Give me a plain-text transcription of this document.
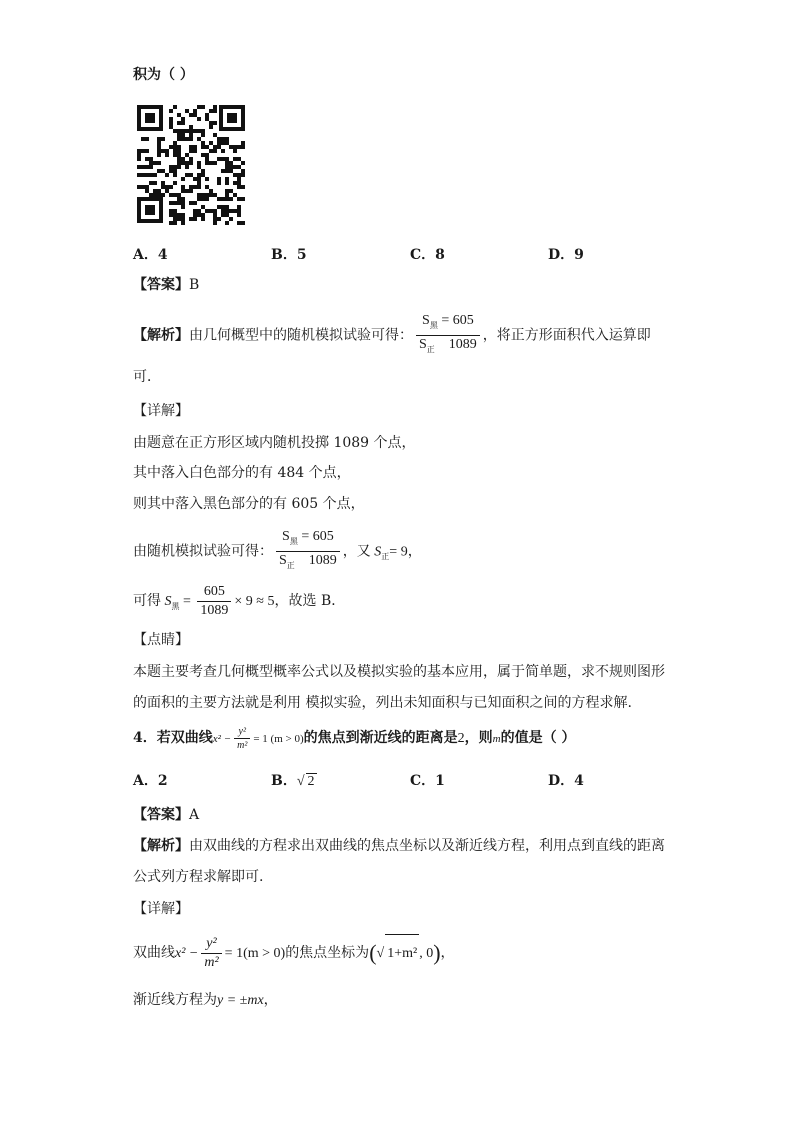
积为（ ）
A．4	B．5	C．8	D．9
【答案】B
【解析】由几何概型中的随机模拟试验可得： $\frac{S_黑 = 605}{S_正 1089}$ ，将正方形面积代入运算即
可．
【详解】
由题意在正方形区域内随机投掷 1089 个点，
其中落入白色部分的有 484 个点，
则其中落入黑色部分的有 605 个点，
由随机模拟试验可得： $\frac{S_黑 = 605}{S_正 1089}$ ，又 $S_正= 9$，
可得 $S_黑 = \frac{605}{1089} \times 9 \approx 5$，故选 B．
【点睛】
本题主要考查几何概型概率公式以及模拟实验的基本应用，属于简单题，求不规则图形
的面积的主要方法就是利用 模拟实验，列出未知面积与已知面积之间的方程求解.
4．若双曲线$x^2 - \frac{\text{y²}}{\text{m²}} = 1$ (m > 0)的焦点到渐近线的距离是2，则m的值是（ ）
A．2	B．√ 2	C．1	D．4
【答案】A
【解析】由双曲线的方程求出双曲线的焦点坐标以及渐近线方程，利用点到直线的距离
公式列方程求解即可.
【详解】
双曲线$x^2 - \frac{\text{y²}}{\text{m²}} = 1(m > 0)$的焦点坐标为(√ 1+m² , 0)，
渐近线方程为y = ±mx，
